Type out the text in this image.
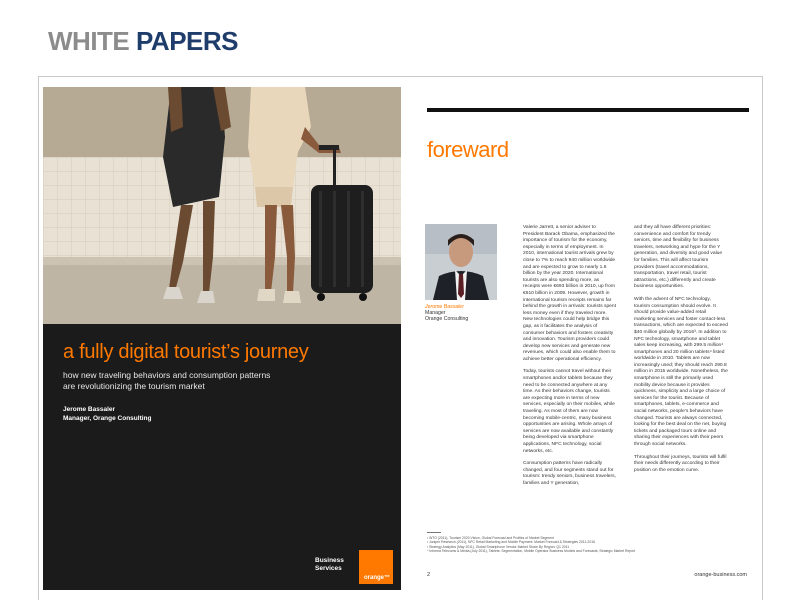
WHITE PAPERS
a fully digital tourist’s journey
how new traveling behaviors and consumption patterns
are revolutionizing the tourism market
Jerome Bassaler
Manager, Orange Consulting
Business
Services
orange™
foreward
Jerome Bassaler
Manager
Orange Consulting

Valerie Jarrett, a senior adviser to President Barack Obama, emphasized the importance of tourism for the economy, especially in terms of employment. In 2010, international tourist arrivals grew by close to 7% to reach 940 million worldwide and are expected to grow to nearly 1.6 billion by the year 2020. International tourists are also spending more, as receipts were €693 billion in 2010, up from €610 billion in 2009. However, growth in international tourism receipts remains far behind the growth in arrivals: tourists spent less money even if they traveled more. New technologies could help bridge this gap, as it facilitates the analysis of consumer behaviors and fosters creativity and innovation. Tourism providers could develop new services and generate new revenues, which could also enable them to achieve better operational efficiency.

Today, tourists cannot travel without their smartphones and/or tablets because they need to be connected anywhere at any time. As their behaviors change, tourists are expecting more in terms of new services, especially on their mobiles, while traveling. As most of them are now becoming mobile-centric, many business opportunities are arising. Whole arrays of services are now available and constantly being developed via smartphone applications, NFC technology, social networks, etc.

Consumption patterns have radically changed, and four segments stand out for tourism: trendy seniors, business travelers, families and Y generation,

and they all have different priorities: convenience and comfort for trendy seniors, time and flexibility for business travelers, networking and hype for the Y generation, and diversity and good value for families. This will affect tourism providers (travel accommodations, transportation, travel retail, tourist attractions, etc.) differently and create business opportunities.

With the advent of NFC technology, tourism consumption should evolve. It should provide value-added retail marketing services and foster contact-less transactions, which are expected to exceed $40 million globally by 2016³. In addition to NFC technology, smartphone and tablet sales keep increasing, with 299.5 million⁴ smartphones and 20 million tablets⁴ listed worldwide in 2010. Tablets are now increasingly used; they should reach 290.8 million in 2015 worldwide. Nonetheless, the smartphone is still the primarily used mobility device because it provides quickness, simplicity and a large choice of services for the tourist. Because of smartphones, tablets, e-commerce and social networks, people’s behaviors have changed. Tourists are always connected, looking for the best deal on the net, buying tickets and packaged tours online and sharing their experiences with their peers through social networks.

Throughout their journeys, tourists will fulfil their needs differently according to their position on the emotion curve.

¹ WTO (2011), Tourism 2020 Vision, Global Forecast and Profiles of Market Segment
² Juniper Research (2011), NFC Retail Marketing and Mobile Payment: Market Forecast & Strategies 2011-2016
³ Strategy Analytics (May 2011), Global Smartphone Vendor Market Share By Region: Q1 2011
⁴ Informa Telecoms & Media (July 2011), Tablets: Segmentation, Mobile Operator Business Models and Forecasts; Strategic Market Report
2	orange-business.com
